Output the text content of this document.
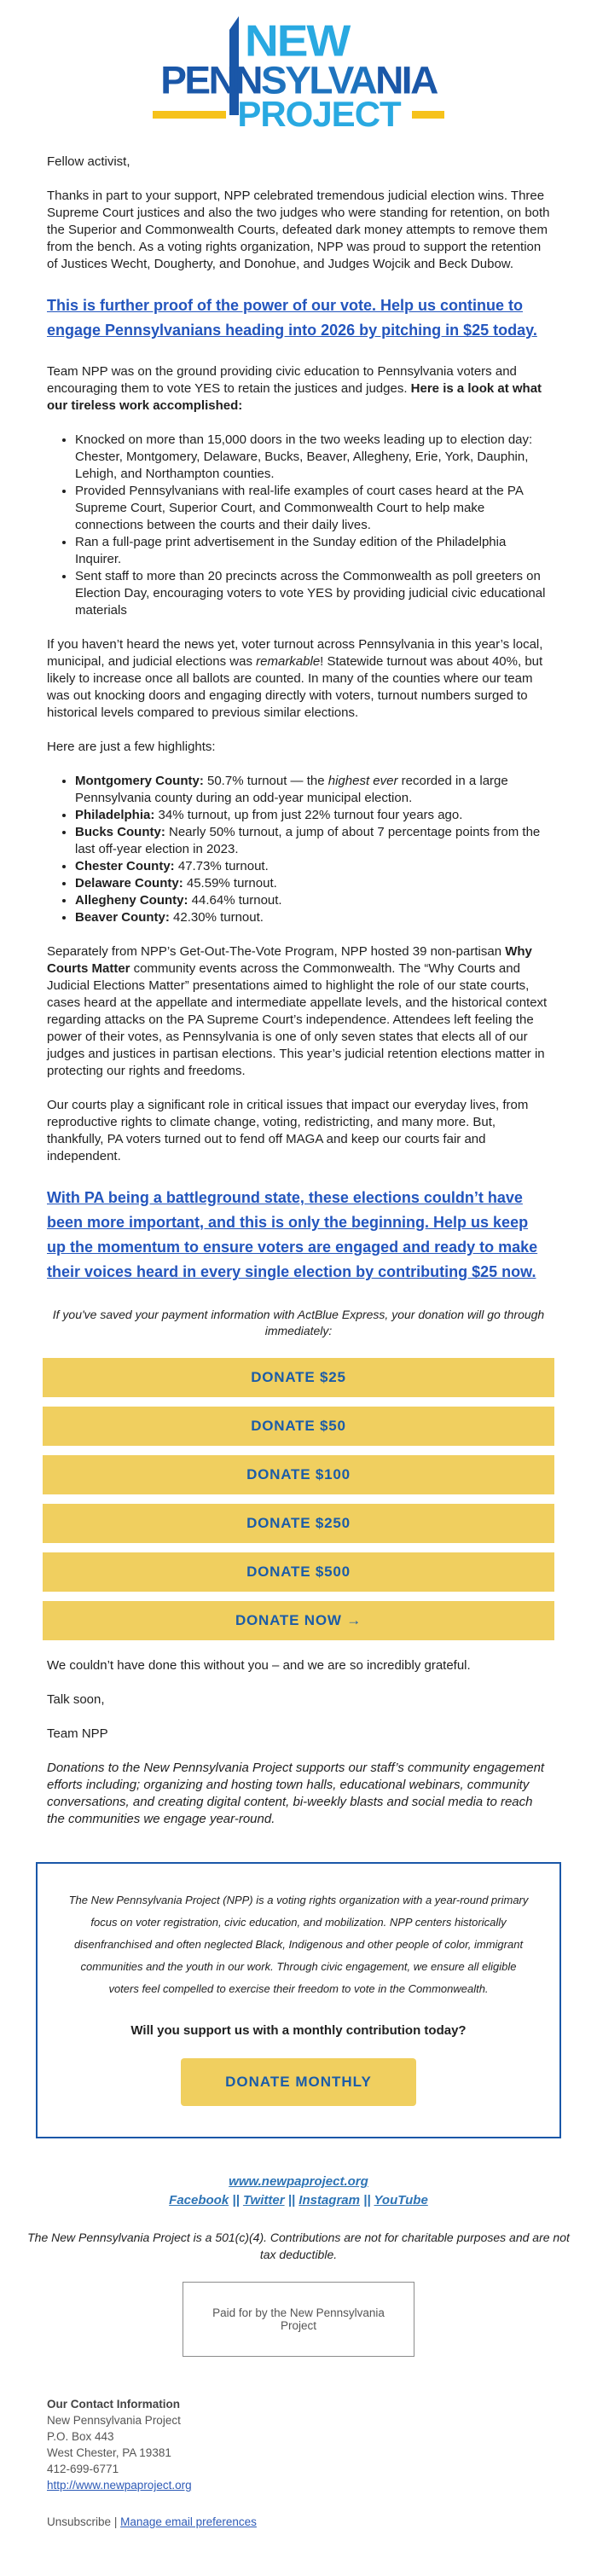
NEW
PENNSYLVANIA
PROJECT

Fellow activist,

Thanks in part to your support, NPP celebrated tremendous judicial election wins. Three Supreme Court justices and also the two judges who were standing for retention, on both the Superior and Commonwealth Courts, defeated dark money attempts to remove them from the bench. As a voting rights organization, NPP was proud to support the retention of Justices Wecht, Dougherty, and Donohue, and Judges Wojcik and Beck Dubow.

This is further proof of the power of our vote. Help us continue to engage Pennsylvanians heading into 2026 by pitching in $25 today.

Team NPP was on the ground providing civic education to Pennsylvania voters and encouraging them to vote YES to retain the justices and judges. Here is a look at what our tireless work accomplished:

• Knocked on more than 15,000 doors in the two weeks leading up to election day: Chester, Montgomery, Delaware, Bucks, Beaver, Allegheny, Erie, York, Dauphin, Lehigh, and Northampton counties.
• Provided Pennsylvanians with real-life examples of court cases heard at the PA Supreme Court, Superior Court, and Commonwealth Court to help make connections between the courts and their daily lives.
• Ran a full-page print advertisement in the Sunday edition of the Philadelphia Inquirer.
• Sent staff to more than 20 precincts across the Commonwealth as poll greeters on Election Day, encouraging voters to vote YES by providing judicial civic educational materials

If you haven’t heard the news yet, voter turnout across Pennsylvania in this year’s local, municipal, and judicial elections was remarkable! Statewide turnout was about 40%, but likely to increase once all ballots are counted. In many of the counties where our team was out knocking doors and engaging directly with voters, turnout numbers surged to historical levels compared to previous similar elections.

Here are just a few highlights:

• Montgomery County: 50.7% turnout — the highest ever recorded in a large Pennsylvania county during an odd-year municipal election.
• Philadelphia: 34% turnout, up from just 22% turnout four years ago.
• Bucks County: Nearly 50% turnout, a jump of about 7 percentage points from the last off-year election in 2023.
• Chester County: 47.73% turnout.
• Delaware County: 45.59% turnout.
• Allegheny County: 44.64% turnout.
• Beaver County: 42.30% turnout.

Separately from NPP’s Get-Out-The-Vote Program, NPP hosted 39 non-partisan Why Courts Matter community events across the Commonwealth. The “Why Courts and Judicial Elections Matter” presentations aimed to highlight the role of our state courts, cases heard at the appellate and intermediate appellate levels, and the historical context regarding attacks on the PA Supreme Court’s independence. Attendees left feeling the power of their votes, as Pennsylvania is one of only seven states that elects all of our judges and justices in partisan elections. This year’s judicial retention elections matter in protecting our rights and freedoms.

Our courts play a significant role in critical issues that impact our everyday lives, from reproductive rights to climate change, voting, redistricting, and many more. But, thankfully, PA voters turned out to fend off MAGA and keep our courts fair and independent.

With PA being a battleground state, these elections couldn’t have been more important, and this is only the beginning. Help us keep up the momentum to ensure voters are engaged and ready to make their voices heard in every single election by contributing $25 now.

If you've saved your payment information with ActBlue Express, your donation will go through immediately:

DONATE $25
DONATE $50
DONATE $100
DONATE $250
DONATE $500
DONATE NOW →

We couldn’t have done this without you – and we are so incredibly grateful.

Talk soon,

Team NPP

Donations to the New Pennsylvania Project supports our staff’s community engagement efforts including; organizing and hosting town halls, educational webinars, community conversations, and creating digital content, bi-weekly blasts and social media to reach the communities we engage year-round.

The New Pennsylvania Project (NPP) is a voting rights organization with a year-round primary focus on voter registration, civic education, and mobilization. NPP centers historically disenfranchised and often neglected Black, Indigenous and other people of color, immigrant communities and the youth in our work. Through civic engagement, we ensure all eligible voters feel compelled to exercise their freedom to vote in the Commonwealth.

Will you support us with a monthly contribution today?

DONATE MONTHLY
www.newpaproject.org
Facebook || Twitter || Instagram || YouTube

The New Pennsylvania Project is a 501(c)(4). Contributions are not for charitable purposes and are not tax deductible.

Paid for by the New Pennsylvania Project
Our Contact Information
New Pennsylvania Project
P.O. Box 443
West Chester, PA 19381
412-699-6771
http://www.newpaproject.org
Unsubscribe | Manage email preferences
